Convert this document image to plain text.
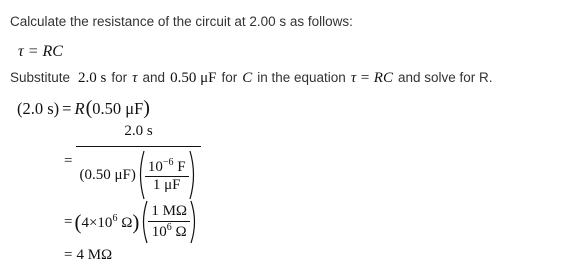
Calculate the resistance of the circuit at 2.00 s as follows:
τ = RC
Substitute 2.0 s for τ and 0.50 μF for C in the equation τ = RC and solve for R.
(2.0 s) = R ( 0.50 μF )
=
2.0 s
(0.50 $\mu F) \frac{10^{-6} F}{1 \mu F}$
= ( $4\times 10^6$ Ω ) $\frac{1 M\Omega}{10^6 \Omega}$
= 4 MΩ
